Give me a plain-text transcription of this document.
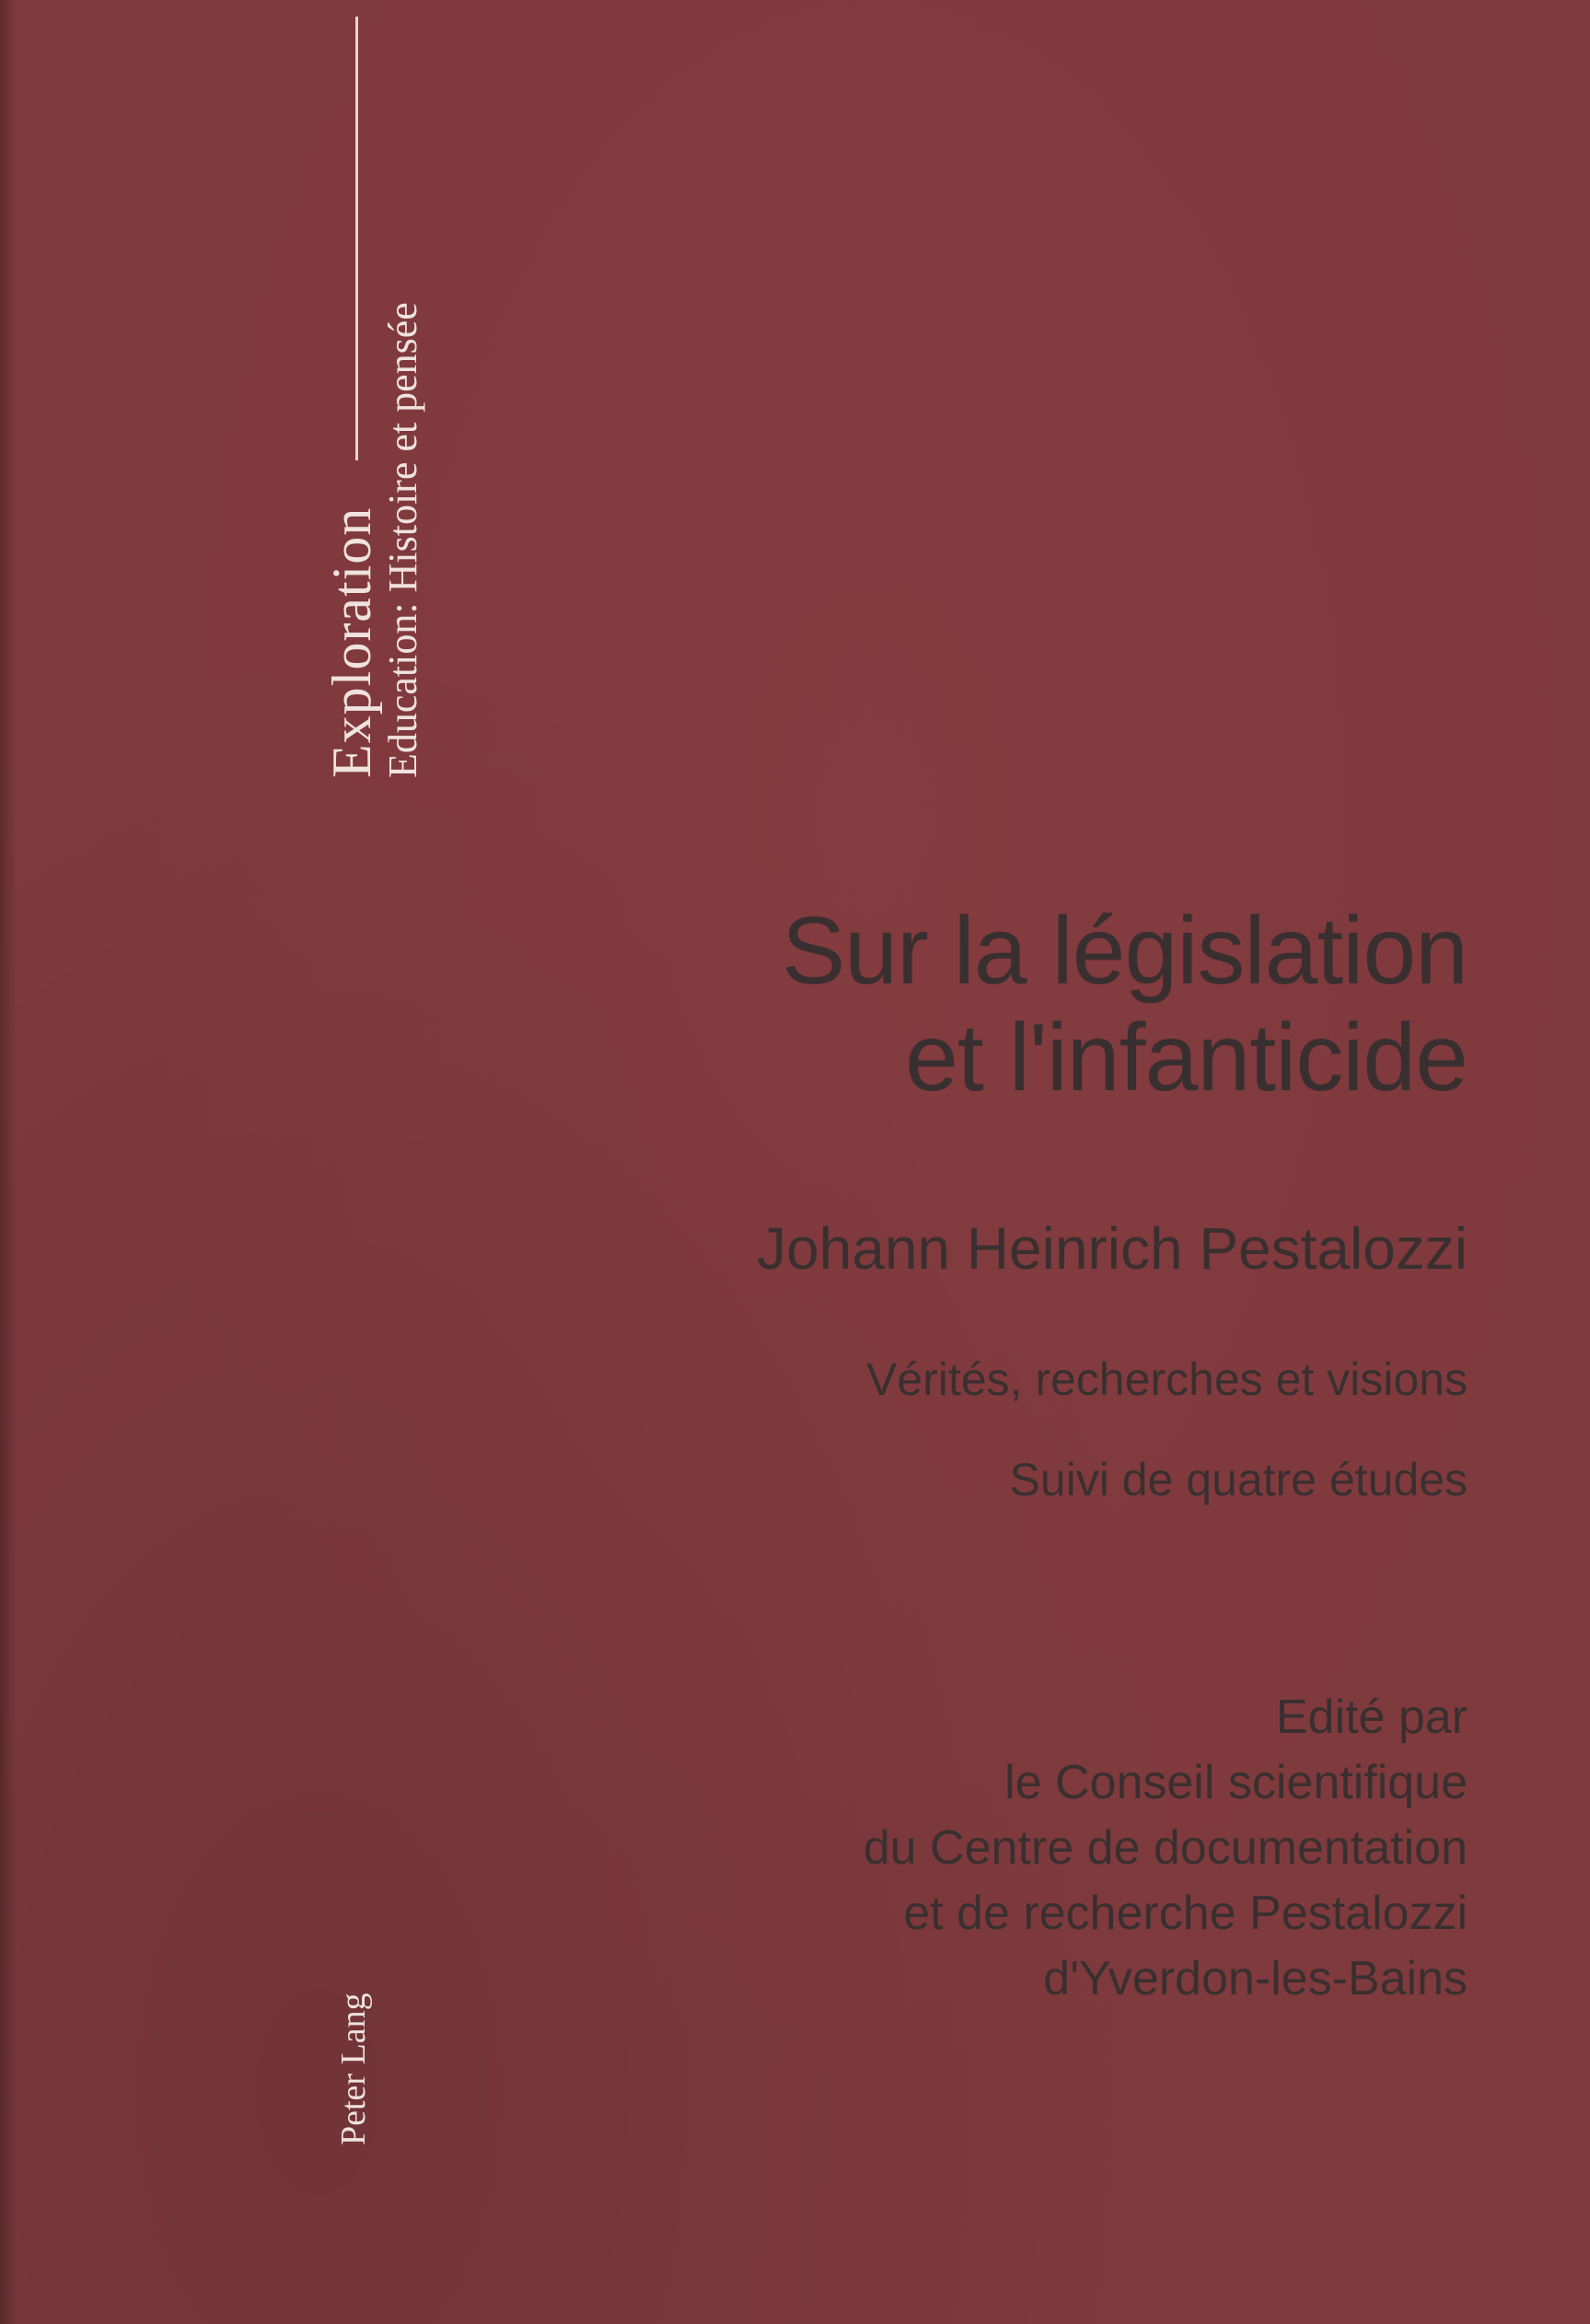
Exploration
Education: Histoire et pensée
Sur la législation
et l'infanticide
Johann Heinrich Pestalozzi
Vérités, recherches et visions
Suivi de quatre études
Edité par
le Conseil scientifique
du Centre de documentation
et de recherche Pestalozzi
d'Yverdon-les-Bains
Peter Lang
